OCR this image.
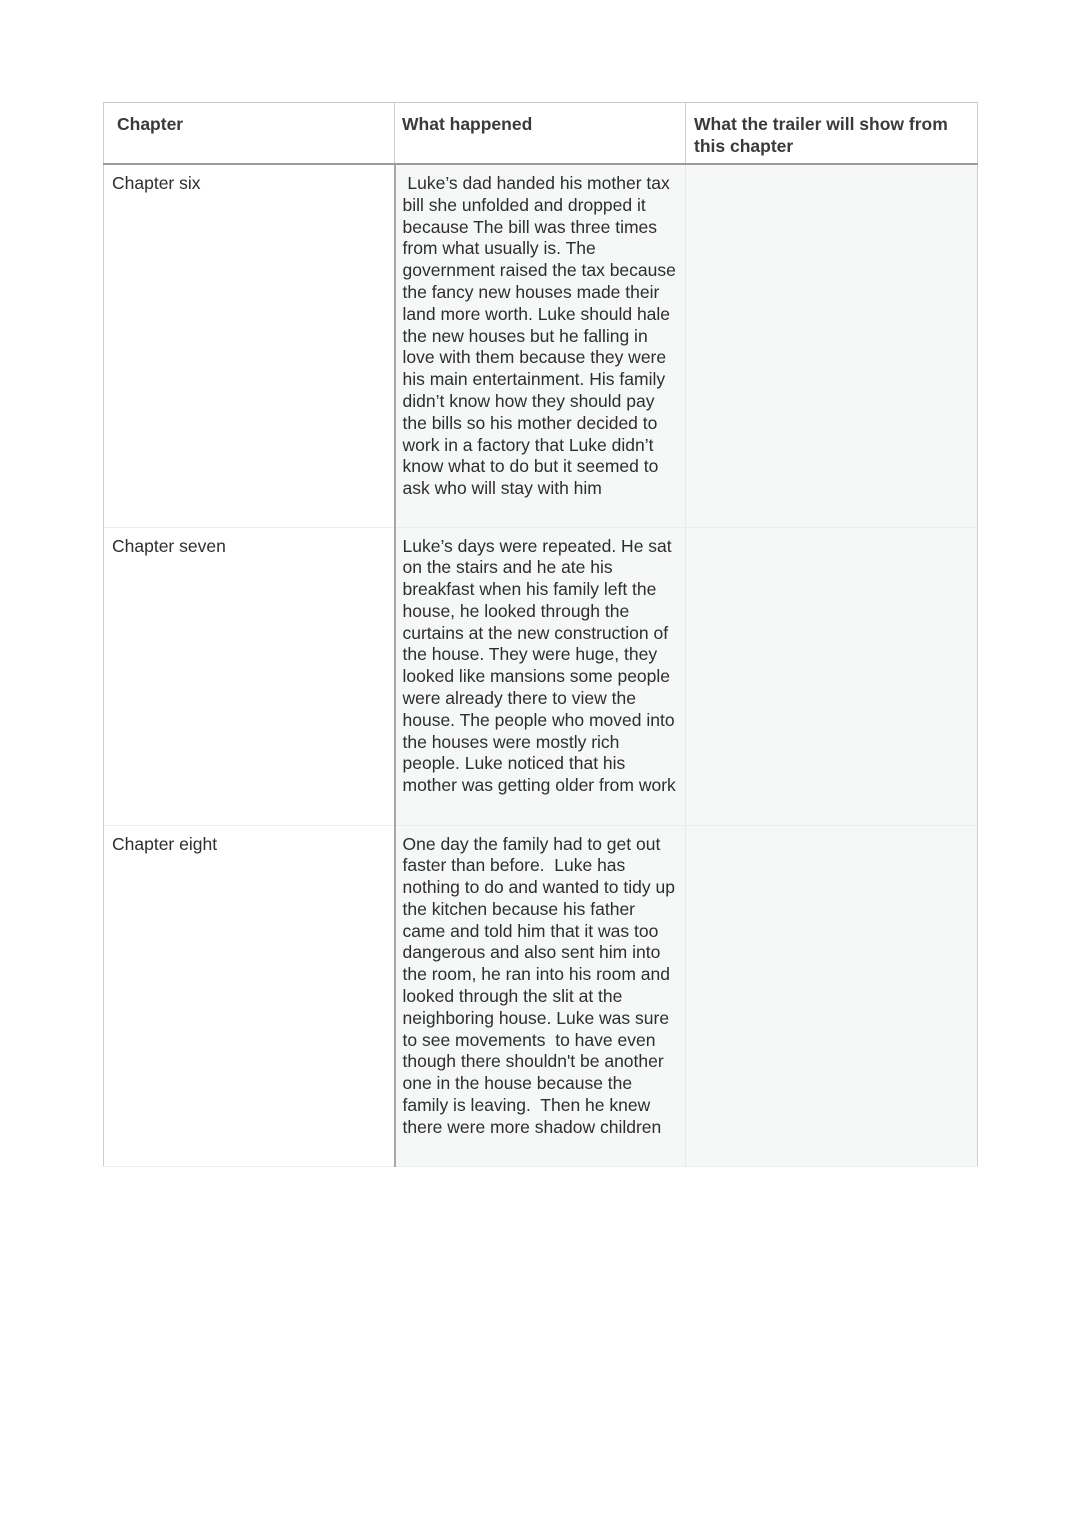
Chapter	What happened	What the trailer will show from this chapter
Chapter six	Luke’s dad handed his mother tax bill she unfolded and dropped it because The bill was three times from what usually is. The government raised the tax because the fancy new houses made their land more worth. Luke should hale the new houses but he falling in love with them because they were his main entertainment. His family didn’t know how they should pay the bills so his mother decided to work in a factory that Luke didn’t know what to do but it seemed to ask who will stay with him	
Chapter seven	Luke’s days were repeated. He sat on the stairs and he ate his breakfast when his family left the house, he looked through the curtains at the new construction of the house. They were huge, they looked like mansions some people were already there to view the house. The people who moved into the houses were mostly rich people. Luke noticed that his mother was getting older from work	
Chapter eight	One day the family had to get out faster than before.  Luke has nothing to do and wanted to tidy up the kitchen because his father came and told him that it was too dangerous and also sent him into the room, he ran into his room and looked through the slit at the neighboring house. Luke was sure to see movements  to have even though there shouldn't be another one in the house because the family is leaving.  Then he knew there were more shadow children	
